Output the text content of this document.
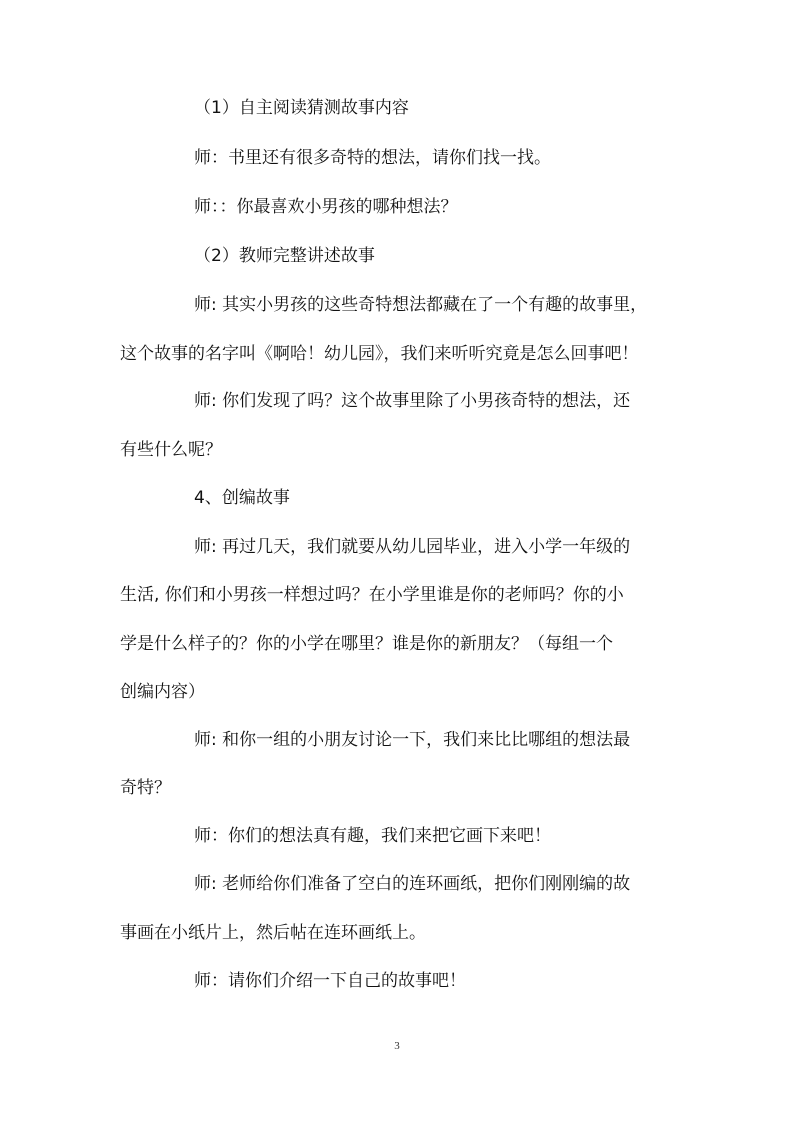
（1）自主阅读猜测故事内容
师：书里还有很多奇特的想法，请你们找一找。
师：：你最喜欢小男孩的哪种想法？
（2）教师完整讲述故事
师: 其实小男孩的这些奇特想法都藏在了一个有趣的故事里，
这个故事的名字叫《啊哈！幼儿园》，我们来听听究竟是怎么回事吧！
师: 你们发现了吗？这个故事里除了小男孩奇特的想法，还
有些什么呢？
4、创编故事
师: 再过几天，我们就要从幼儿园毕业，进入小学一年级的
生活, 你们和小男孩一样想过吗？在小学里谁是你的老师吗？你的小
学是什么样子的？你的小学在哪里？谁是你的新朋友？（每组一个
创编内容）
师: 和你一组的小朋友讨论一下，我们来比比哪组的想法最
奇特？
师：你们的想法真有趣，我们来把它画下来吧！
师: 老师给你们准备了空白的连环画纸，把你们刚刚编的故
事画在小纸片上，然后帖在连环画纸上。
师：请你们介绍一下自己的故事吧！
3
